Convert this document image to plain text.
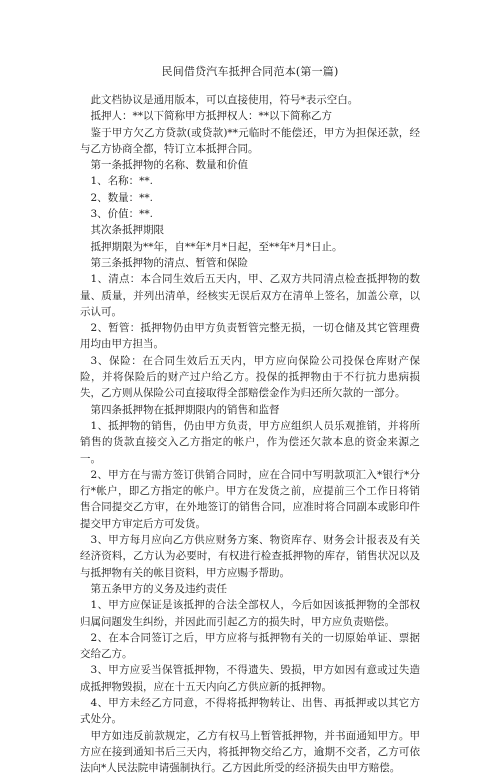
民间借贷汽车抵押合同范本(第一篇)

此文档协议是通用版本，可以直接使用，符号*表示空白。

抵押人：**以下简称甲方抵押权人：**以下简称乙方

鉴于甲方欠乙方贷款(或贷款)**元临时不能偿还，甲方为担保还款，经与乙方协商全都，特订立本抵押合同。

第一条抵押物的名称、数量和价值

1、名称：**.

2、数量：**.

3、价值：**.

其次条抵押期限

抵押期限为**年，自**年*月*日起，至**年*月*日止。

第三条抵押物的清点、暂管和保险

1、清点：本合同生效后五天内，甲、乙双方共同清点检查抵押物的数量、质量，并列出清单，经核实无误后双方在清单上签名，加盖公章，以示认可。

2、暂管：抵押物仍由甲方负责暂管完整无损，一切仓储及其它管理费用均由甲方担当。

3、保险：在合同生效后五天内，甲方应向保险公司投保仓库财产保险，并将保险后的财产过户给乙方。投保的抵押物由于不行抗力患病损失，乙方则从保险公司直接取得全部赔偿金作为归还所欠款的一部分。

第四条抵押物在抵押期限内的销售和监督

1、抵押物的销售，仍由甲方负责，甲方应组织人员乐观推销，并将所销售的货款直接交入乙方指定的帐户，作为偿还欠款本息的资金来源之一。

2、甲方在与需方签订供销合同时，应在合同中写明款项汇入*银行*分行*帐户，即乙方指定的帐户。甲方在发货之前，应提前三个工作日将销售合同提交乙方审，在外地签订的销售合同，应准时将合同副本或影印件提交甲方审定后方可发货。

3、甲方每月应向乙方供应财务方案、物资库存、财务会计报表及有关经济资料，乙方认为必要时，有权进行检查抵押物的库存，销售状况以及与抵押物有关的帐目资料，甲方应赐予帮助。

第五条甲方的义务及违约责任

1、甲方应保证是该抵押的合法全部权人，今后如因该抵押物的全部权归属问题发生纠纷，并因此而引起乙方的损失时，甲方应负责赔偿。

2、在本合同签订之后，甲方应将与抵押物有关的一切原始单证、票据交给乙方。

3、甲方应妥当保管抵押物，不得遗失、毁损，甲方如因有意或过失造成抵押物毁损，应在十五天内向乙方供应新的抵押物。

4、甲方未经乙方同意，不得将抵押物转让、出售、再抵押或以其它方式处分。

甲方如违反前款规定，乙方有权马上暂管抵押物，并书面通知甲方。甲方应在接到通知书后三天内，将抵押物交给乙方，逾期不交者，乙方可依法向*人民法院申请强制执行。乙方因此所受的经济损失由甲方赔偿。
